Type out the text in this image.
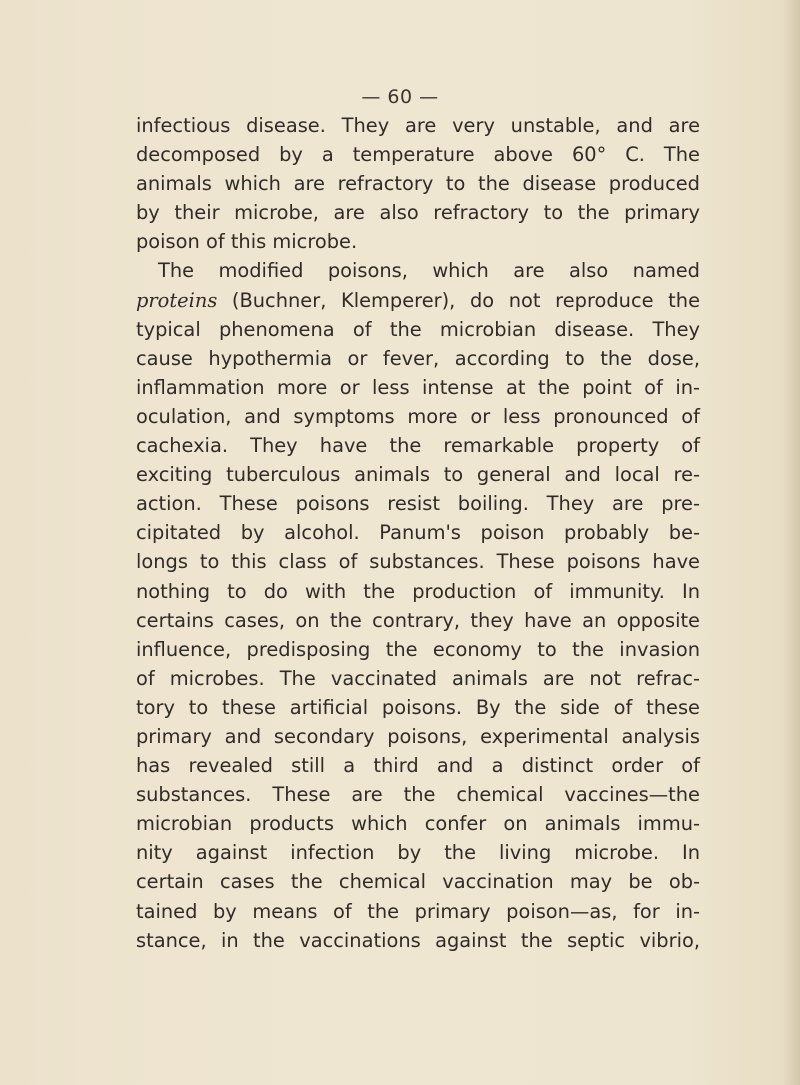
— 60 —
infectious disease. They are very unstable, and are
decomposed by a temperature above 60° C. The
animals which are refractory to the disease produced
by their microbe, are also refractory to the primary
poison of this microbe.
The modified poisons, which are also named
proteins (Buchner, Klemperer), do not reproduce the
typical phenomena of the microbian disease. They
cause hypothermia or fever, according to the dose,
inflammation more or less intense at the point of in-
oculation, and symptoms more or less pronounced of
cachexia. They have the remarkable property of
exciting tuberculous animals to general and local re-
action. These poisons resist boiling. They are pre-
cipitated by alcohol. Panum's poison probably be-
longs to this class of substances. These poisons have
nothing to do with the production of immunity. In
certains cases, on the contrary, they have an opposite
influence, predisposing the economy to the invasion
of microbes. The vaccinated animals are not refrac-
tory to these artificial poisons. By the side of these
primary and secondary poisons, experimental analysis
has revealed still a third and a distinct order of
substances. These are the chemical vaccines—the
microbian products which confer on animals immu-
nity against infection by the living microbe. In
certain cases the chemical vaccination may be ob-
tained by means of the primary poison—as, for in-
stance, in the vaccinations against the septic vibrio,
